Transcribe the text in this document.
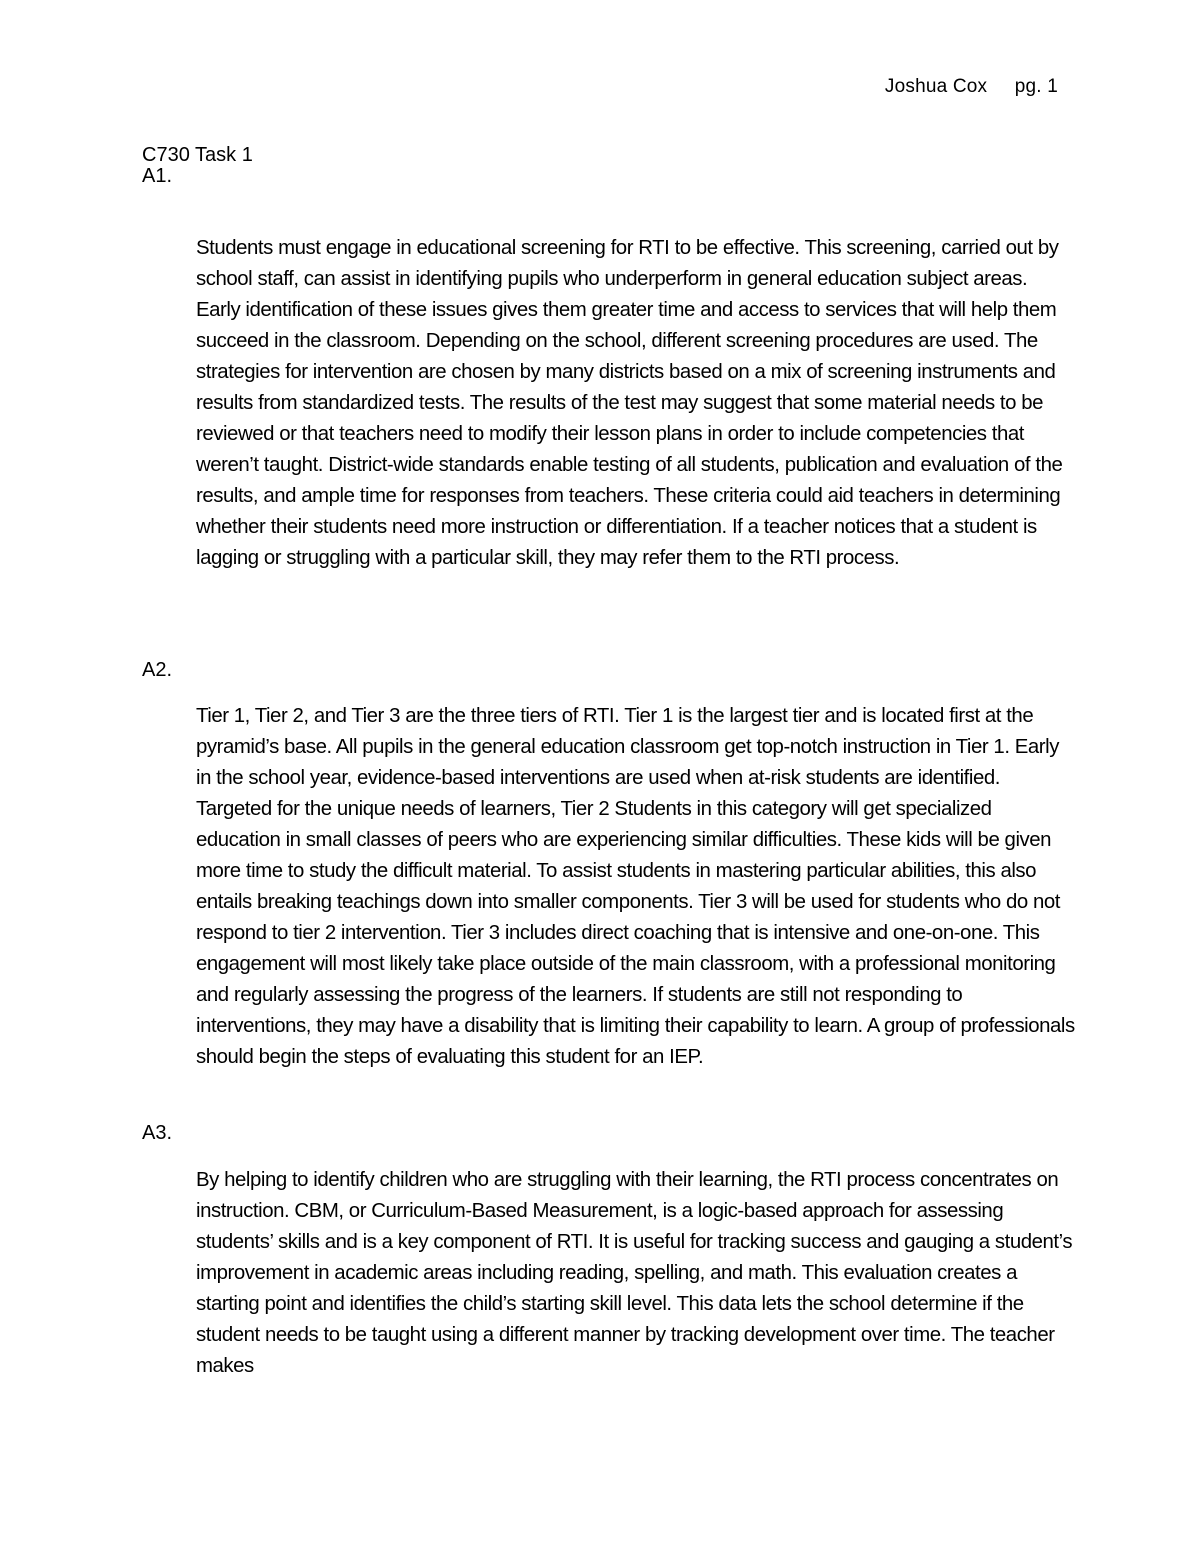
Joshua Cox pg. 1
C730 Task 1
A1.

Students must engage in educational screening for RTI to be effective. This screening, carried out by school staff, can assist in identifying pupils who underperform in general education subject areas. Early identification of these issues gives them greater time and access to services that will help them succeed in the classroom. Depending on the school, different screening procedures are used. The strategies for intervention are chosen by many districts based on a mix of screening instruments and results from standardized tests. The results of the test may suggest that some material needs to be reviewed or that teachers need to modify their lesson plans in order to include competencies that weren’t taught. District-wide standards enable testing of all students, publication and evaluation of the results, and ample time for responses from teachers. These criteria could aid teachers in determining whether their students need more instruction or differentiation. If a teacher notices that a student is lagging or struggling with a particular skill, they may refer them to the RTI process.

A2.

Tier 1, Tier 2, and Tier 3 are the three tiers of RTI. Tier 1 is the largest tier and is located first at the pyramid’s base. All pupils in the general education classroom get top-notch instruction in Tier 1. Early in the school year, evidence-based interventions are used when at-risk students are identified. Targeted for the unique needs of learners, Tier 2 Students in this category will get specialized education in small classes of peers who are experiencing similar difficulties. These kids will be given more time to study the difficult material. To assist students in mastering particular abilities, this also entails breaking teachings down into smaller components. Tier 3 will be used for students who do not respond to tier 2 intervention. Tier 3 includes direct coaching that is intensive and one-on-one. This engagement will most likely take place outside of the main classroom, with a professional monitoring and regularly assessing the progress of the learners. If students are still not responding to interventions, they may have a disability that is limiting their capability to learn. A group of professionals should begin the steps of evaluating this student for an IEP.

A3.

By helping to identify children who are struggling with their learning, the RTI process concentrates on instruction. CBM, or Curriculum-Based Measurement, is a logic-based approach for assessing students’ skills and is a key component of RTI. It is useful for tracking success and gauging a student’s improvement in academic areas including reading, spelling, and math. This evaluation creates a starting point and identifies the child’s starting skill level. This data lets the school determine if the student needs to be taught using a different manner by tracking development over time. The teacher makes
